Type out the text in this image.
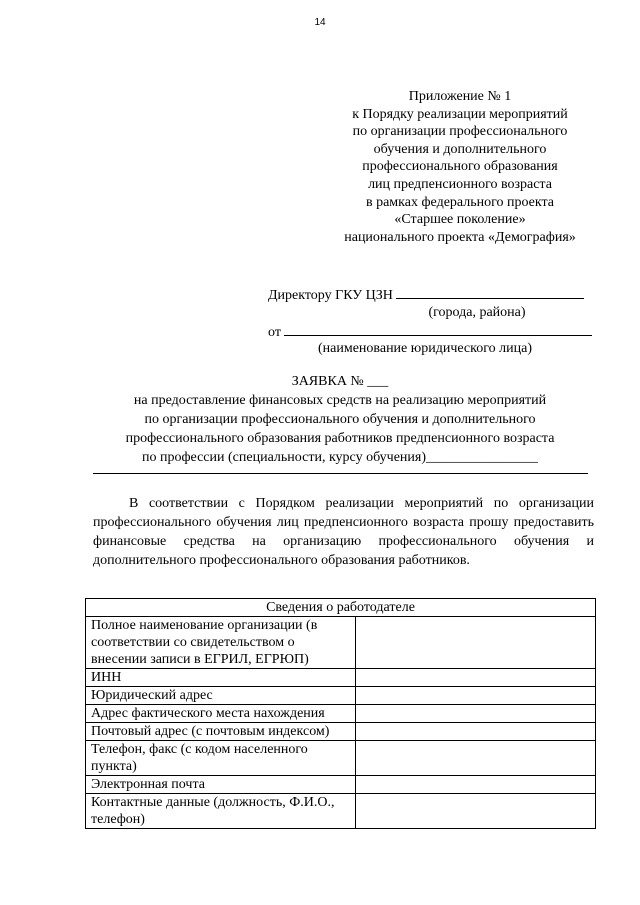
14
Приложение № 1
к Порядку реализации мероприятий
по организации профессионального
обучения и дополнительного
профессионального образования
лиц предпенсионного возраста
в рамках федерального проекта
«Старшее поколение»
национального проекта «Демография»
Директору ГКУ ЦЗН
(города, района)
от
(наименование юридического лица)
ЗАЯВКА № ___
на предоставление финансовых средств на реализацию мероприятий
по организации профессионального обучения и дополнительного
профессионального образования работников предпенсионного возраста
по профессии (специальности, курсу обучения)________________
В соответствии с Порядком реализации мероприятий по организации профессионального обучения лиц предпенсионного возраста прошу предоставить финансовые средства на организацию профессионального обучения и дополнительного профессионального образования работников.
Сведения о работодателе	
Полное наименование организации (в соответствии со свидетельством о внесении записи в ЕГРИЛ, ЕГРЮП)	
ИНН	
Юридический адрес	
Адрес фактического места нахождения	
Почтовый адрес (с почтовым индексом)	
Телефон, факс (с кодом населенного пункта)	
Электронная почта	
Контактные данные (должность, Ф.И.О., телефон)	
